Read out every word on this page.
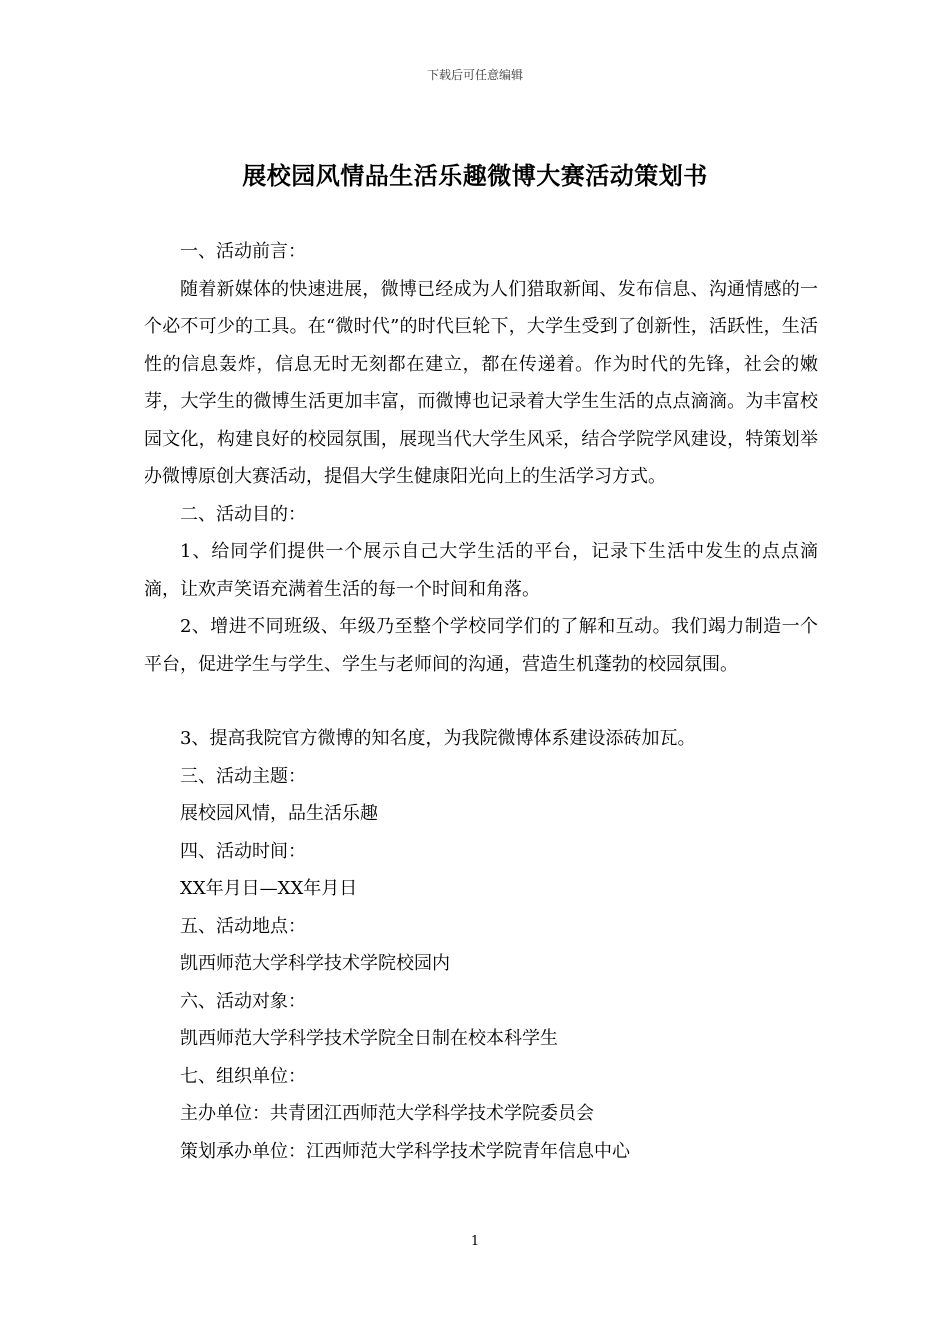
下载后可任意编辑
展校园风情品生活乐趣微博大赛活动策划书

一、活动前言：

随着新媒体的快速进展，微博已经成为人们猎取新闻、发布信息、沟通情感的一个必不可少的工具。在“微时代”的时代巨轮下，大学生受到了创新性，活跃性，生活性的信息轰炸，信息无时无刻都在建立，都在传递着。作为时代的先锋，社会的嫩芽，大学生的微博生活更加丰富，而微博也记录着大学生生活的点点滴滴。为丰富校园文化，构建良好的校园氛围，展现当代大学生风采，结合学院学风建设，特策划举办微博原创大赛活动，提倡大学生健康阳光向上的生活学习方式。

二、活动目的：

1、给同学们提供一个展示自己大学生活的平台，记录下生活中发生的点点滴滴，让欢声笑语充满着生活的每一个时间和角落。

2、增进不同班级、年级乃至整个学校同学们的了解和互动。我们竭力制造一个平台，促进学生与学生、学生与老师间的沟通，营造生机蓬勃的校园氛围。

3、提高我院官方微博的知名度，为我院微博体系建设添砖加瓦。

三、活动主题：

展校园风情，品生活乐趣

四、活动时间：

XX年月日—XX年月日

五、活动地点：

凯西师范大学科学技术学院校园内

六、活动对象：

凯西师范大学科学技术学院全日制在校本科学生

七、组织单位：

主办单位：共青团江西师范大学科学技术学院委员会

策划承办单位：江西师范大学科学技术学院青年信息中心

1
